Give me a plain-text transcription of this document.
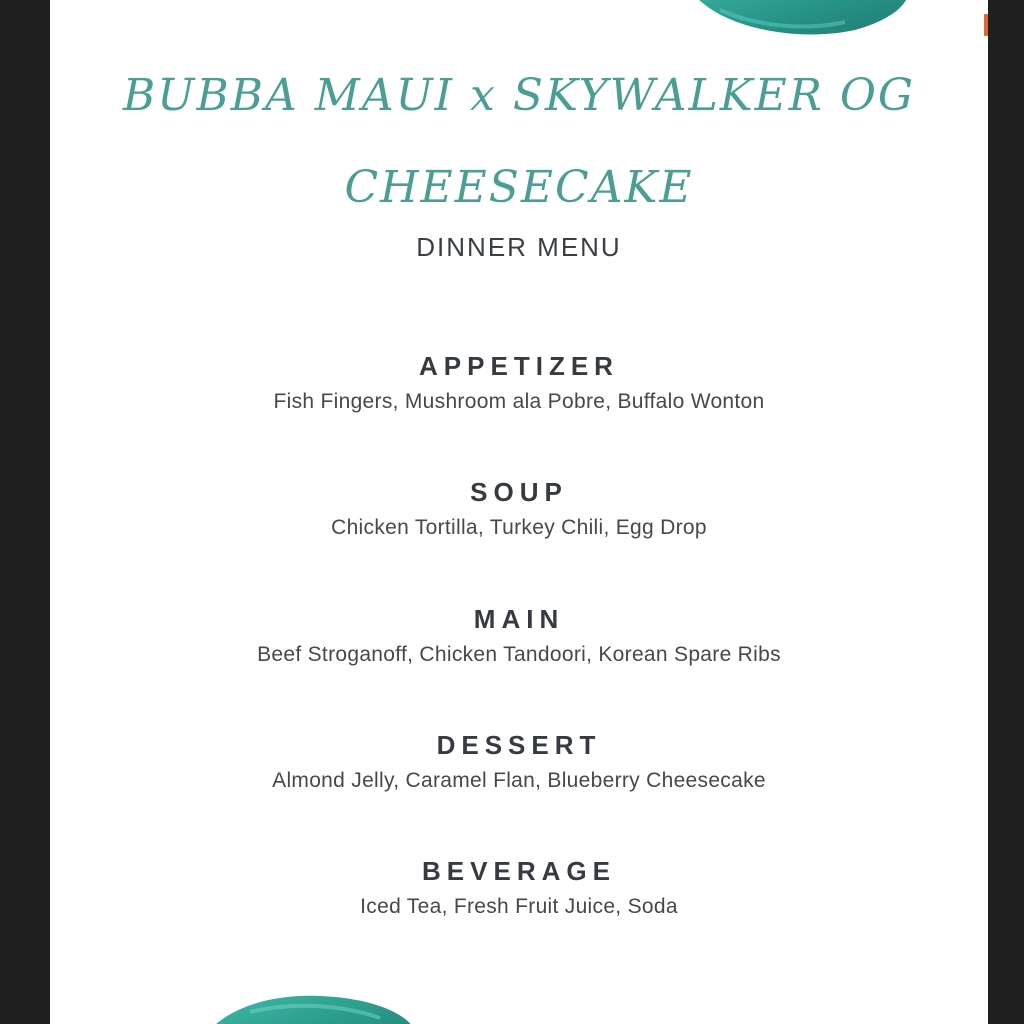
BUBBA MAUI x SKYWALKER OG
CHEESECAKE
DINNER MENU
APPETIZER
Fish Fingers, Mushroom ala Pobre, Buffalo Wonton
SOUP
Chicken Tortilla, Turkey Chili, Egg Drop
MAIN
Beef Stroganoff, Chicken Tandoori, Korean Spare Ribs
DESSERT
Almond Jelly, Caramel Flan, Blueberry Cheesecake
BEVERAGE
Iced Tea, Fresh Fruit Juice, Soda
